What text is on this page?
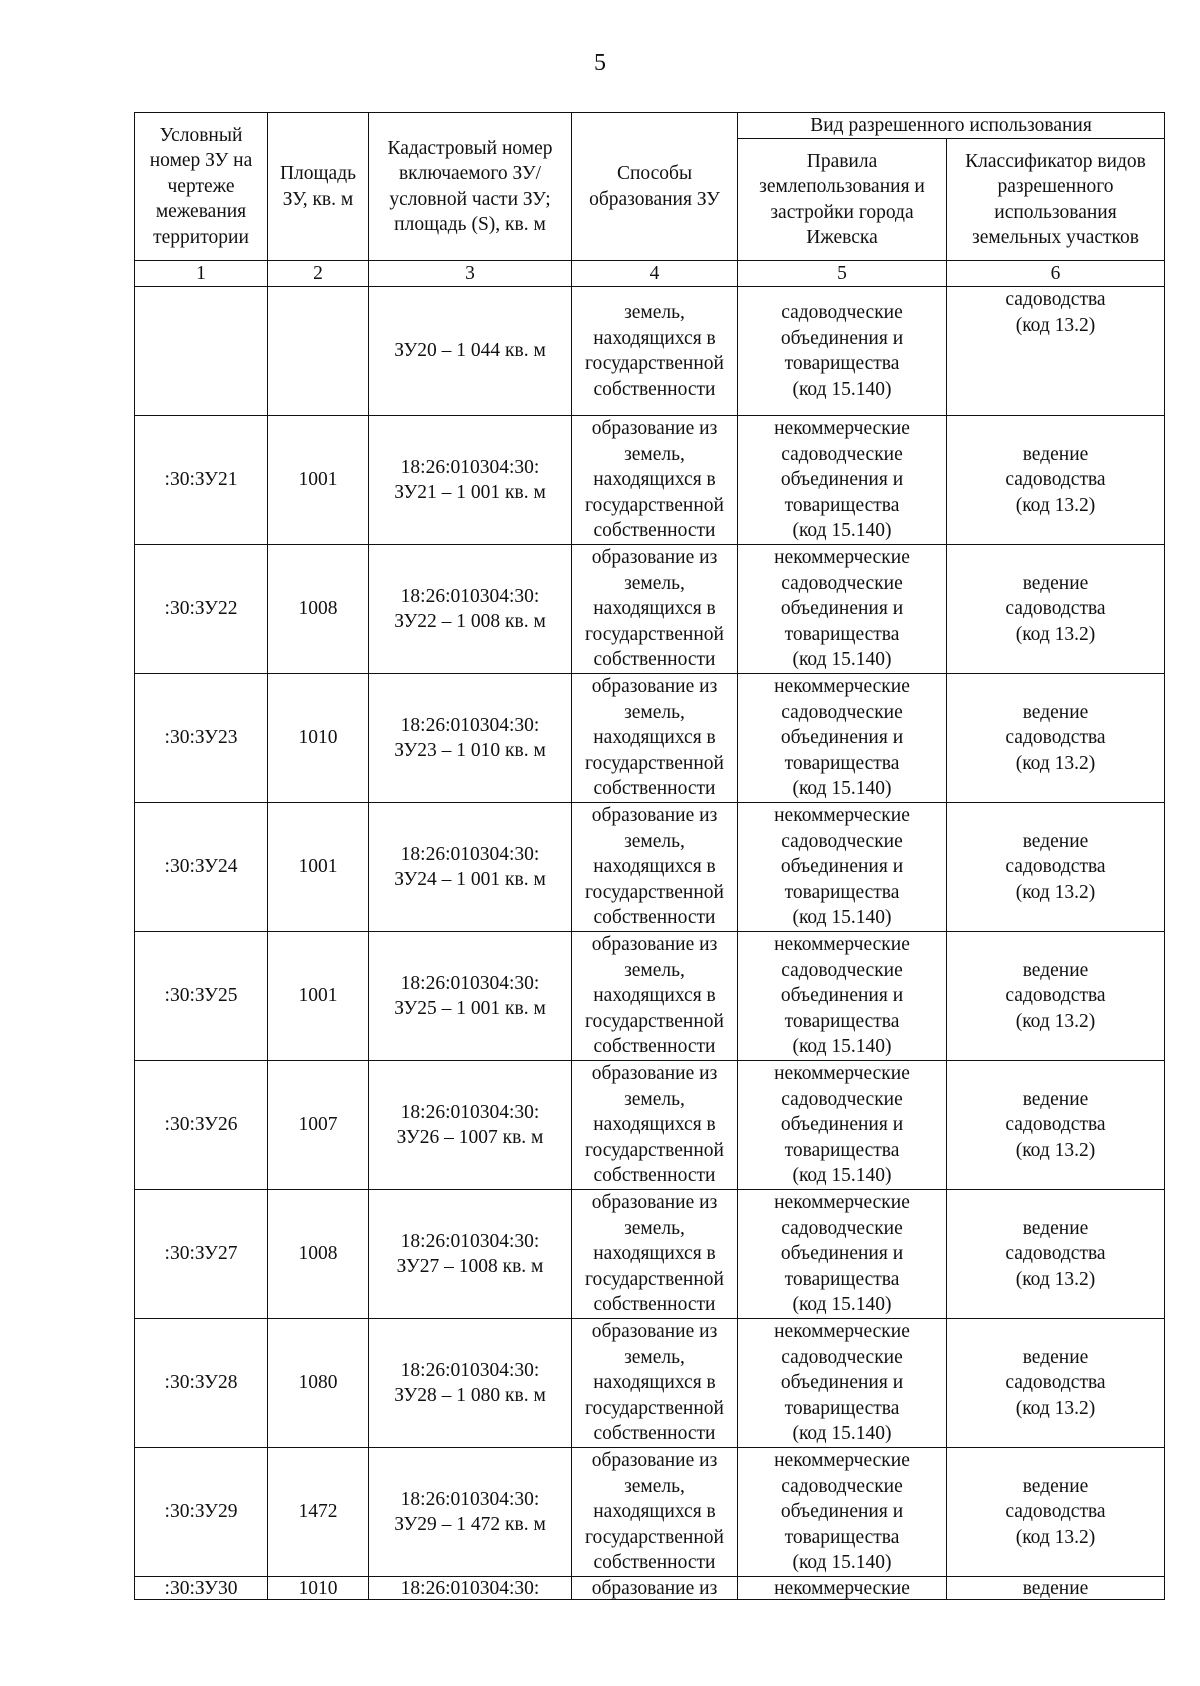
5
Условный номер ЗУ на чертеже межевания территории	Площадь ЗУ, кв. м	Кадастровый номер включаемого ЗУ/ условной части ЗУ; площадь (S), кв. м	Способы образования ЗУ	Вид разрешенного использования	

				Правила землепользования и застройки города Ижевска	Классификатор видов разрешенного использования земельных участков

1	2	3	4	5	6

		ЗУ20 – 1 044 кв. м	земель,
находящихся в
государственной
собственности	садоводческие
объединения и
товарищества
(код 15.140)	садоводства
(код 13.2)

:30:ЗУ21	1001	18:26:010304:30:
ЗУ21 – 1 001 кв. м	образование из
земель,
находящихся в
государственной
собственности	некоммерческие
садоводческие
объединения и
товарищества
(код 15.140)	ведение
садоводства
(код 13.2)

:30:ЗУ22	1008	18:26:010304:30:
ЗУ22 – 1 008 кв. м	образование из
земель,
находящихся в
государственной
собственности	некоммерческие
садоводческие
объединения и
товарищества
(код 15.140)	ведение
садоводства
(код 13.2)

:30:ЗУ23	1010	18:26:010304:30:
ЗУ23 – 1 010 кв. м	образование из
земель,
находящихся в
государственной
собственности	некоммерческие
садоводческие
объединения и
товарищества
(код 15.140)	ведение
садоводства
(код 13.2)

:30:ЗУ24	1001	18:26:010304:30:
ЗУ24 – 1 001 кв. м	образование из
земель,
находящихся в
государственной
собственности	некоммерческие
садоводческие
объединения и
товарищества
(код 15.140)	ведение
садоводства
(код 13.2)

:30:ЗУ25	1001	18:26:010304:30:
ЗУ25 – 1 001 кв. м	образование из
земель,
находящихся в
государственной
собственности	некоммерческие
садоводческие
объединения и
товарищества
(код 15.140)	ведение
садоводства
(код 13.2)

:30:ЗУ26	1007	18:26:010304:30:
ЗУ26 – 1007 кв. м	образование из
земель,
находящихся в
государственной
собственности	некоммерческие
садоводческие
объединения и
товарищества
(код 15.140)	ведение
садоводства
(код 13.2)

:30:ЗУ27	1008	18:26:010304:30:
ЗУ27 – 1008 кв. м	образование из
земель,
находящихся в
государственной
собственности	некоммерческие
садоводческие
объединения и
товарищества
(код 15.140)	ведение
садоводства
(код 13.2)

:30:ЗУ28	1080	18:26:010304:30:
ЗУ28 – 1 080 кв. м	образование из
земель,
находящихся в
государственной
собственности	некоммерческие
садоводческие
объединения и
товарищества
(код 15.140)	ведение
садоводства
(код 13.2)

:30:ЗУ29	1472	18:26:010304:30:
ЗУ29 – 1 472 кв. м	образование из
земель,
находящихся в
государственной
собственности	некоммерческие
садоводческие
объединения и
товарищества
(код 15.140)	ведение
садоводства
(код 13.2)

:30:ЗУ30	1010	18:26:010304:30:	образование из	некоммерческие	ведение
